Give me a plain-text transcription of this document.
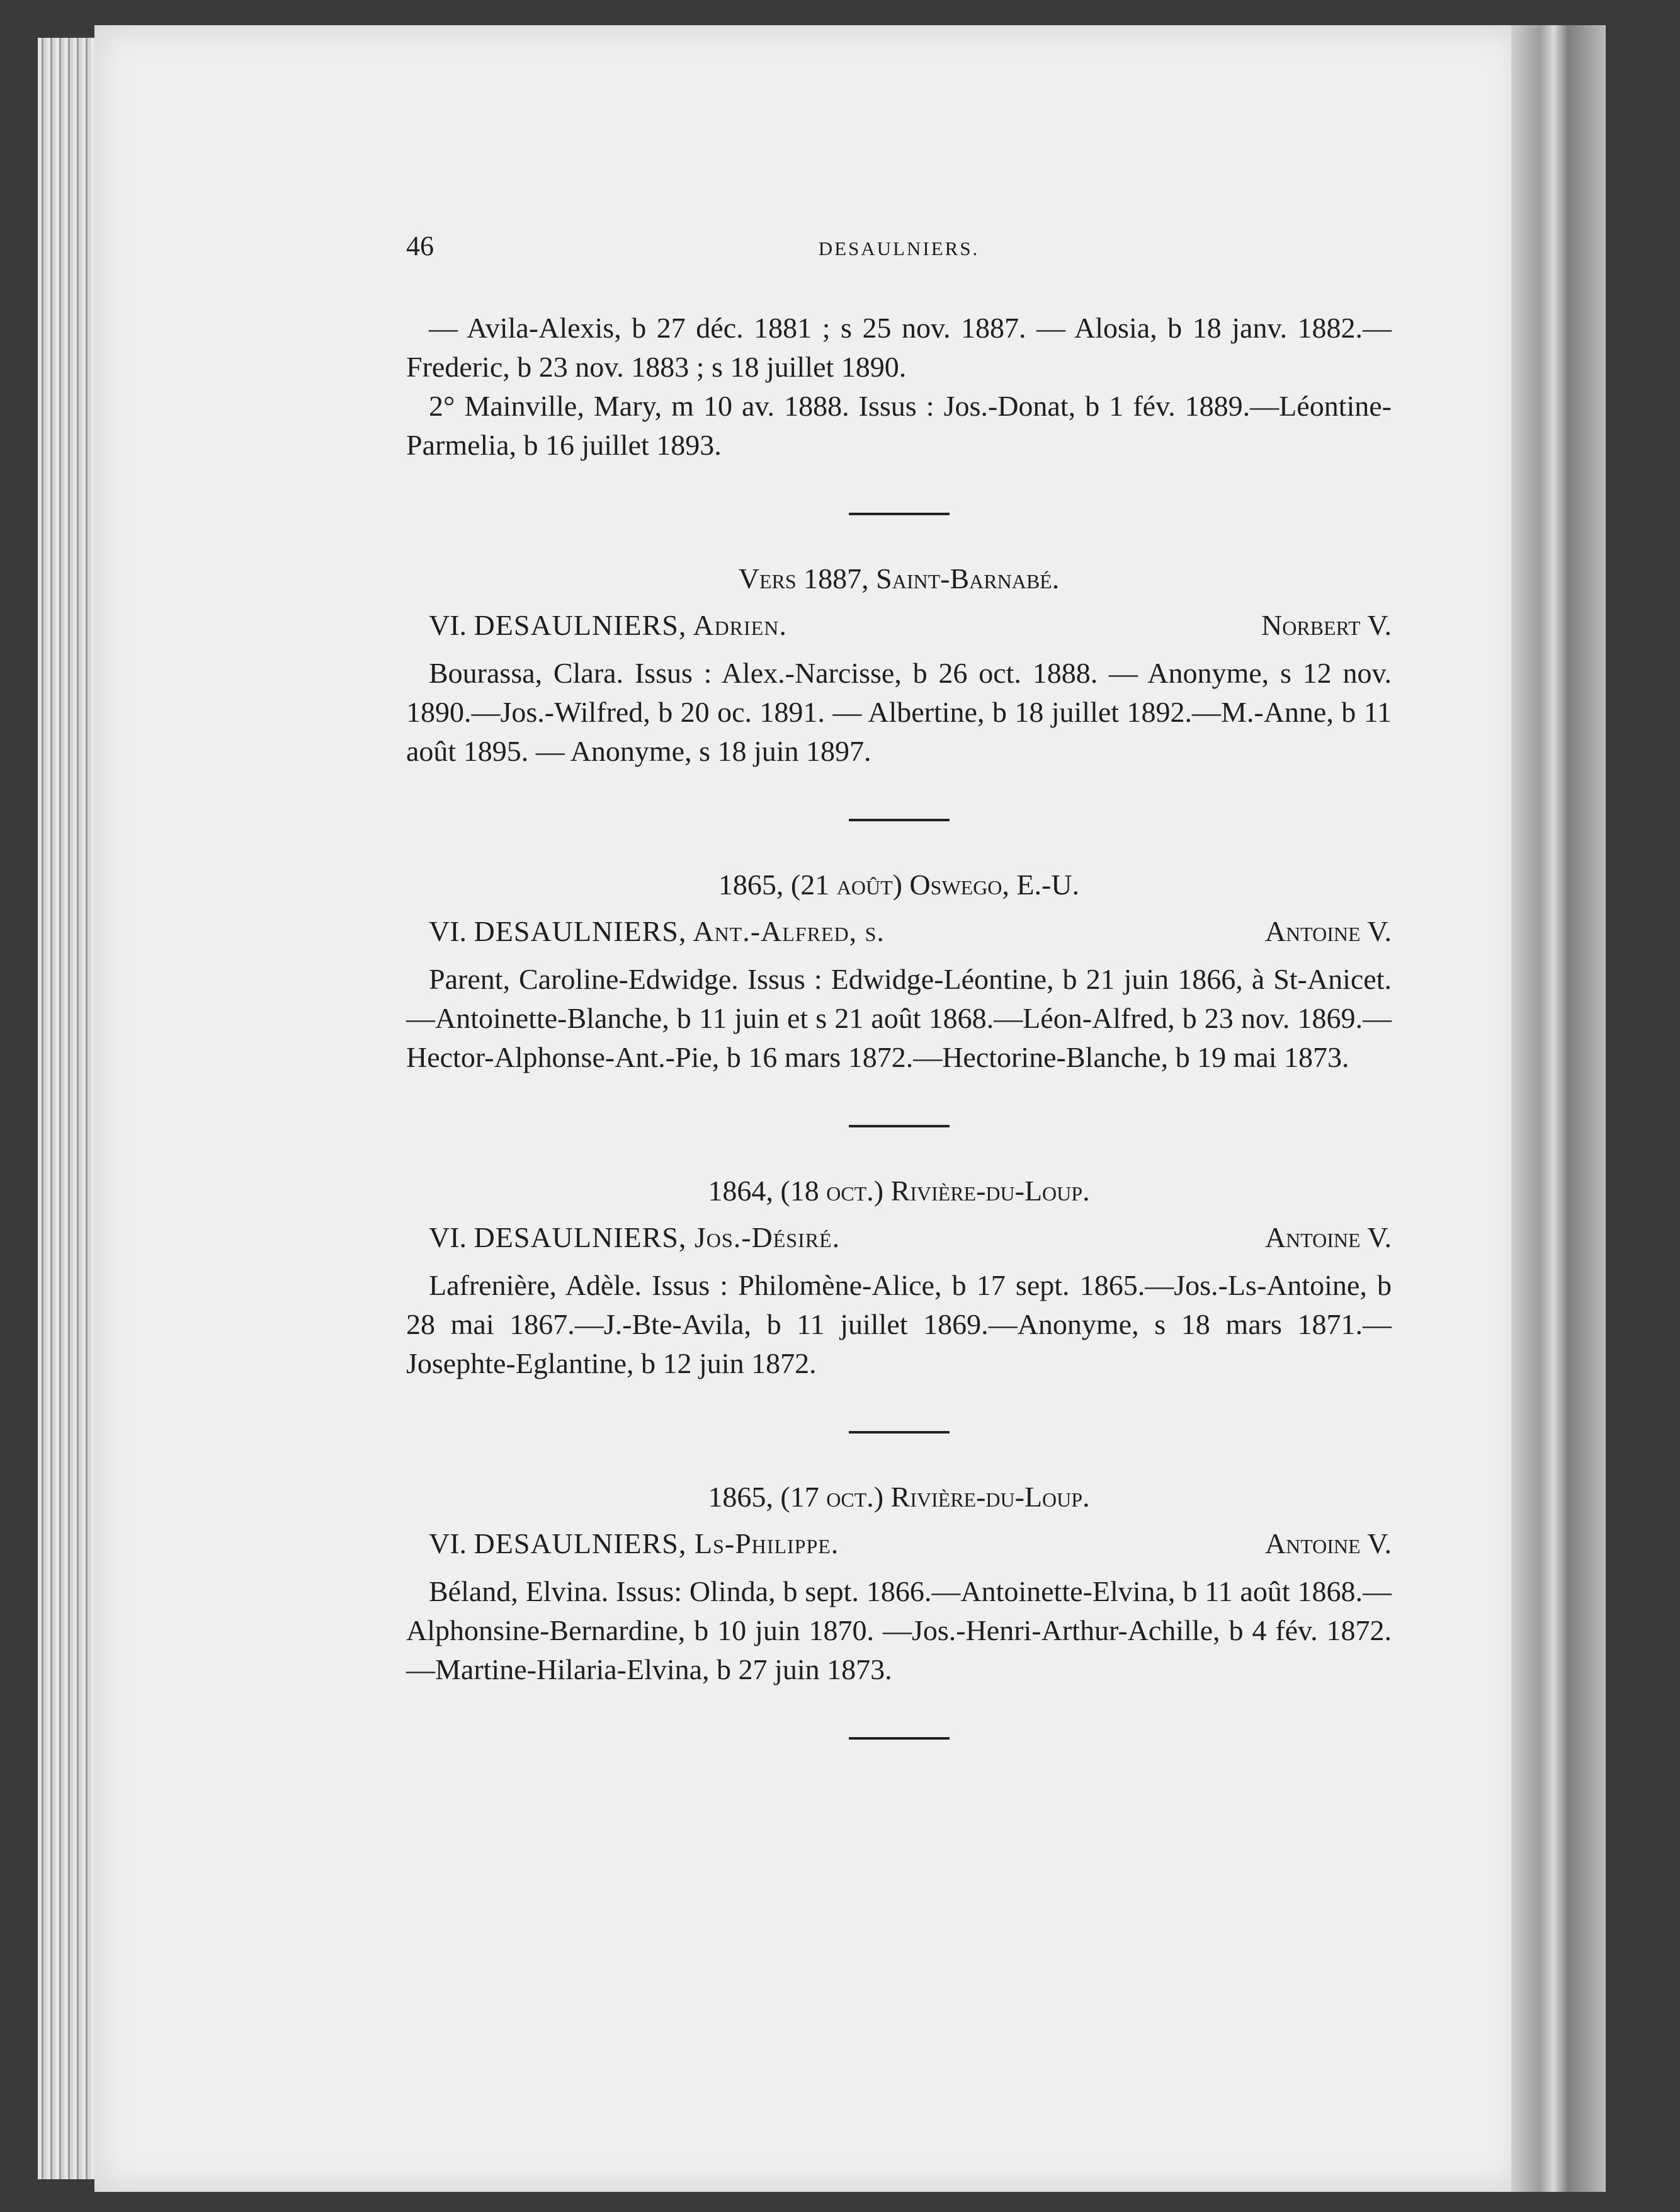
46	DESAULNIERS.

— Avila-Alexis, b 27 déc. 1881 ; s 25 nov. 1887. — Alosia, b 18 janv. 1882.—Frederic, b 23 nov. 1883 ; s 18 juillet 1890.

2° Mainville, Mary, m 10 av. 1888. Issus : Jos.-Donat, b 1 fév. 1889.—Léontine-Parmelia, b 16 juillet 1893.

Vers 1887, Saint-Barnabé.
VI. DESAULNIERS, Adrien.	Norbert V.

Bourassa, Clara. Issus : Alex.-Narcisse, b 26 oct. 1888. — Anonyme, s 12 nov. 1890.—Jos.-Wilfred, b 20 oc. 1891. — Albertine, b 18 juillet 1892.—M.-Anne, b 11 août 1895. — Anonyme, s 18 juin 1897.

1865, (21 août) Oswego, E.-U.
VI. DESAULNIERS, Ant.-Alfred, s.	Antoine V.

Parent, Caroline-Edwidge. Issus : Edwidge-Léontine, b 21 juin 1866, à St-Anicet.—Antoinette-Blanche, b 11 juin et s 21 août 1868.—Léon-Alfred, b 23 nov. 1869.—Hector-Alphonse-Ant.-Pie, b 16 mars 1872.—Hectorine-Blanche, b 19 mai 1873.

1864, (18 oct.) Rivière-du-Loup.
VI. DESAULNIERS, Jos.-Désiré.	Antoine V.

Lafrenière, Adèle. Issus : Philomène-Alice, b 17 sept. 1865.—Jos.-Ls-Antoine, b 28 mai 1867.—J.-Bte-Avila, b 11 juillet 1869.—Anonyme, s 18 mars 1871.—Josephte-Eglantine, b 12 juin 1872.

1865, (17 oct.) Rivière-du-Loup.
VI. DESAULNIERS, Ls-Philippe.	Antoine V.

Béland, Elvina. Issus: Olinda, b sept. 1866.—Antoinette-Elvina, b 11 août 1868.—Alphonsine-Bernardine, b 10 juin 1870. —Jos.-Henri-Arthur-Achille, b 4 fév. 1872.—Martine-Hilaria-Elvina, b 27 juin 1873.
